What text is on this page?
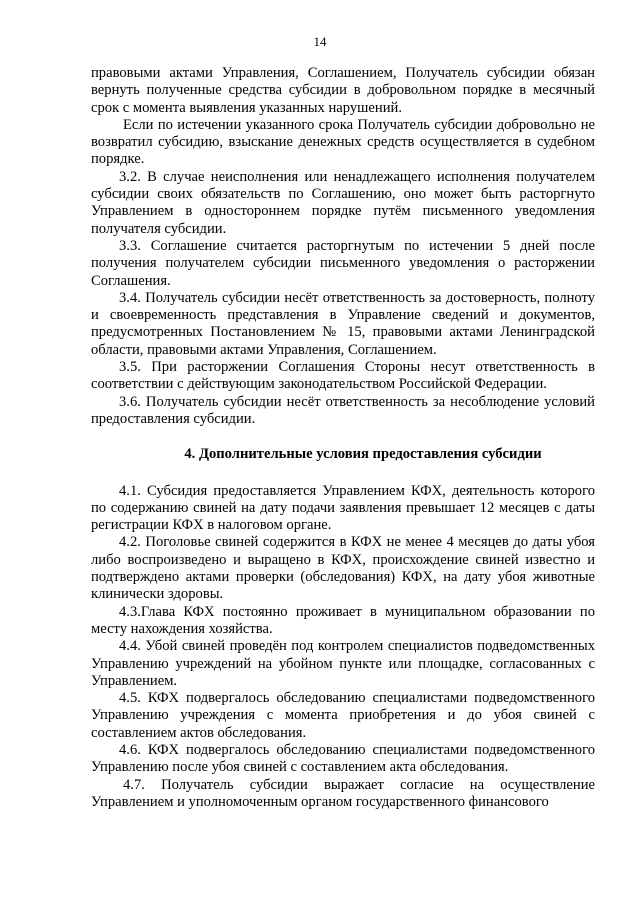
14

правовыми актами Управления, Соглашением, Получатель субсидии обязан вернуть полученные средства субсидии в добровольном порядке в месячный срок с момента выявления указанных нарушений.

Если по истечении указанного срока Получатель субсидии добровольно не возвратил субсидию, взыскание денежных средств осуществляется в судебном порядке.

3.2. В случае неисполнения или ненадлежащего исполнения получателем субсидии своих обязательств по Соглашению, оно может быть расторгнуто Управлением в одностороннем порядке путём письменного уведомления получателя субсидии.

3.3. Соглашение считается расторгнутым по истечении 5 дней после получения получателем субсидии письменного уведомления о расторжении Соглашения.

3.4. Получатель субсидии несёт ответственность за достоверность, полноту и своевременность представления в Управление сведений и документов, предусмотренных Постановлением № 15, правовыми актами Ленинградской области, правовыми актами Управления, Соглашением.

3.5. При расторжении Соглашения Стороны несут ответственность в соответствии с действующим законодательством Российской Федерации.

3.6. Получатель субсидии несёт ответственность за несоблюдение условий предоставления субсидии.

4. Дополнительные условия предоставления субсидии

4.1. Субсидия предоставляется Управлением КФХ, деятельность которого по содержанию свиней на дату подачи заявления превышает 12 месяцев с даты регистрации КФХ в налоговом органе.

4.2. Поголовье свиней содержится в КФХ не менее 4 месяцев до даты убоя либо воспроизведено и выращено в КФХ, происхождение свиней известно и подтверждено актами проверки (обследования) КФХ, на дату убоя животные клинически здоровы.

4.3.Глава КФХ постоянно проживает в муниципальном образовании по месту нахождения хозяйства.

4.4. Убой свиней проведён под контролем специалистов подведомственных Управлению учреждений на убойном пункте или площадке, согласованных с Управлением.

4.5. КФХ подвергалось обследованию специалистами подведомственного Управлению учреждения с момента приобретения и до убоя свиней с составлением актов обследования.

4.6. КФХ подвергалось обследованию специалистами подведомственного Управлению после убоя свиней с составлением акта обследования.

4.7. Получатель субсидии выражает согласие на осуществление Управлением и уполномоченным органом государственного финансового
